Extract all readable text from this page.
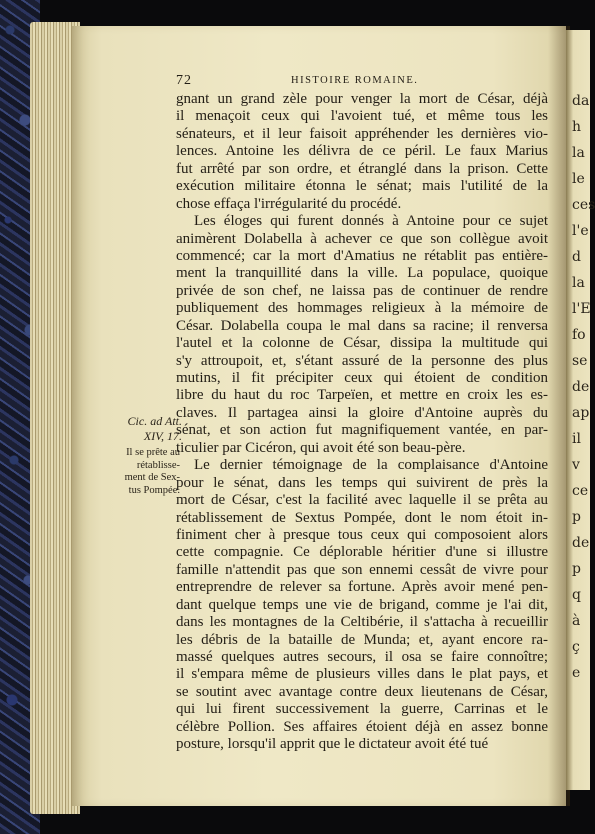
da
h
la
le
ces
l'e
d
la
l'E
fo
se
de
ap
il
v
ce
p
de
p
q
à
ç
e
72	HISTOIRE ROMAINE.
Cic. ad Att.
XIV, 17.
Il se prête au
rétablisse-
ment de Sex-
tus Pompée.

gnant un grand zèle pour venger la mort de César, déjà
il menaçoit ceux qui l'avoient tué, et même tous les
sénateurs, et il leur faisoit appréhender les dernières vio-
lences. Antoine les délivra de ce péril. Le faux Marius
fut arrêté par son ordre, et étranglé dans la prison. Cette
exécution militaire étonna le sénat; mais l'utilité de la
chose effaça l'irrégularité du procédé.

Les éloges qui furent donnés à Antoine pour ce sujet
animèrent Dolabella à achever ce que son collègue avoit
commencé; car la mort d'Amatius ne rétablit pas entière-
ment la tranquillité dans la ville. La populace, quoique
privée de son chef, ne laissa pas de continuer de rendre
publiquement des hommages religieux à la mémoire de
César. Dolabella coupa le mal dans sa racine; il renversa
l'autel et la colonne de César, dissipa la multitude qui
s'y attroupoit, et, s'étant assuré de la personne des plus
mutins, il fit précipiter ceux qui étoient de condition
libre du haut du roc Tarpeïen, et mettre en croix les es-
claves. Il partagea ainsi la gloire d'Antoine auprès du
sénat, et son action fut magnifiquement vantée, en par-
ticulier par Cicéron, qui avoit été son beau-père.

Le dernier témoignage de la complaisance d'Antoine
pour le sénat, dans les temps qui suivirent de près la
mort de César, c'est la facilité avec laquelle il se prêta au
rétablissement de Sextus Pompée, dont le nom étoit in-
finiment cher à presque tous ceux qui composoient alors
cette compagnie. Ce déplorable héritier d'une si illustre
famille n'attendit pas que son ennemi cessât de vivre pour
entreprendre de relever sa fortune. Après avoir mené pen-
dant quelque temps une vie de brigand, comme je l'ai dit,
dans les montagnes de la Celtibérie, il s'attacha à recueillir
les débris de la bataille de Munda; et, ayant encore ra-
massé quelques autres secours, il osa se faire connoître;
il s'empara même de plusieurs villes dans le plat pays, et
se soutint avec avantage contre deux lieutenans de César,
qui lui firent successivement la guerre, Carrinas et le
célèbre Pollion. Ses affaires étoient déjà en assez bonne
posture, lorsqu'il apprit que le dictateur avoit été tué
